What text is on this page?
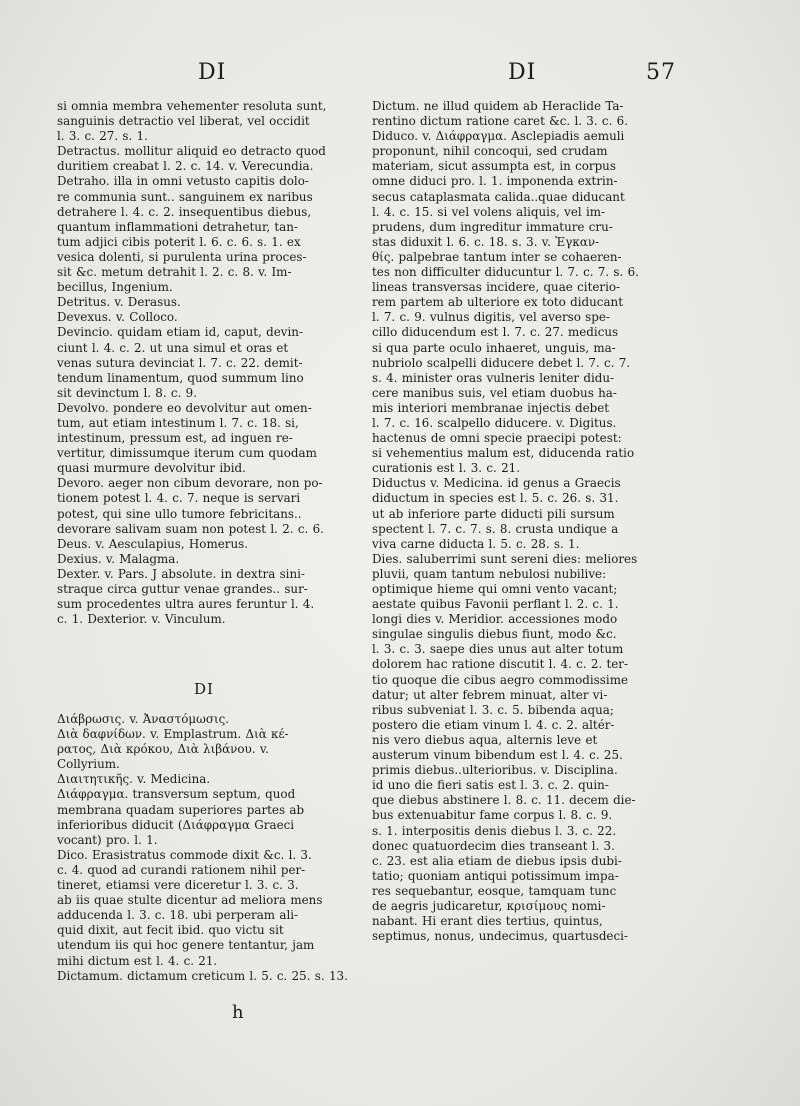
DI	DI	57
si omnia membra vehementer resoluta sunt,
sanguinis detractio vel liberat, vel occidit
l. 3. c. 27. s. 1.
Detractus. mollitur aliquid eo detracto quod
duritiem creabat l. 2. c. 14. v. Verecundia.
Detraho. illa in omni vetusto capitis dolo-
re communia sunt.. sanguinem ex naribus
detrahere l. 4. c. 2. insequentibus diebus,
quantum inflammationi detrahetur, tan-
tum adjici cibis poterit l. 6. c. 6. s. 1. ex
vesica dolenti, si purulenta urina proces-
sit &c. metum detrahit l. 2. c. 8. v. Im-
becillus, Ingenium.
Detritus. v. Derasus.
Devexus. v. Colloco.
Devincio. quidam etiam id, caput, devin-
ciunt l. 4. c. 2. ut una simul et oras et
venas sutura devinciat l. 7. c. 22. demit-
tendum linamentum, quod summum lino
sit devinctum l. 8. c. 9.
Devolvo. pondere eo devolvitur aut omen-
tum, aut etiam intestinum l. 7. c. 18. si,
intestinum, pressum est, ad inguen re-
vertitur, dimissumque iterum cum quodam
quasi murmure devolvitur ibid.
Devoro. aeger non cibum devorare, non po-
tionem potest l. 4. c. 7. neque is servari
potest, qui sine ullo tumore febricitans..
devorare salivam suam non potest l. 2. c. 6.
Deus. v. Aesculapius, Homerus.
Dexius. v. Malagma.
Dexter. v. Pars. J absolute. in dextra sini-
straque circa guttur venae grandes.. sur-
sum procedentes ultra aures feruntur l. 4.
c. 1. Dexterior. v. Vinculum.
DI
Διάβρωσις. v. Ἀναστόμωσις.
Διὰ δαφνίδων. v. Emplastrum. Διὰ κέ-
ρατος, Διὰ κρόκου, Διὰ λιβάνου. v.
Collyrium.
Διαιτητικῆς. v. Medicina.
Διάφραγμα. transversum septum, quod
membrana quadam superiores partes ab
inferioribus diducit (Διάφραγμα Graeci
vocant) pro. l. 1.
Dico. Erasistratus commode dixit &c. l. 3.
c. 4. quod ad curandi rationem nihil per-
tineret, etiamsi vere diceretur l. 3. c. 3.
ab iis quae stulte dicentur ad meliora mens
adducenda l. 3. c. 18. ubi perperam ali-
quid dixit, aut fecit ibid. quo victu sit
utendum iis qui hoc genere tentantur, jam
mihi dictum est l. 4. c. 21.
Dictamum. dictamum creticum l. 5. c. 25. s. 13.
Dictum. ne illud quidem ab Heraclide Ta-
rentino dictum ratione caret &c. l. 3. c. 6.
Diduco. v. Διάφραγμα. Asclepiadis aemuli
proponunt, nihil concoqui, sed crudam
materiam, sicut assumpta est, in corpus
omne diduci pro. l. 1. imponenda extrin-
secus cataplasmata calida..quae diducant
l. 4. c. 15. si vel volens aliquis, vel im-
prudens, dum ingreditur immature cru-
stas diduxit l. 6. c. 18. s. 3. v. Ἐγκαν-
θίς. palpebrae tantum inter se cohaeren-
tes non difficulter diducuntur l. 7. c. 7. s. 6.
lineas transversas incidere, quae citerio-
rem partem ab ulteriore ex toto diducant
l. 7. c. 9. vulnus digitis, vel averso spe-
cillo diducendum est l. 7. c. 27. medicus
si qua parte oculo inhaeret, unguis, ma-
nubriolo scalpelli diducere debet l. 7. c. 7.
s. 4. minister oras vulneris leniter didu-
cere manibus suis, vel etiam duobus ha-
mis interiori membranae injectis debet
l. 7. c. 16. scalpello diducere. v. Digitus.
hactenus de omni specie praecipi potest:
si vehementius malum est, diducenda ratio
curationis est l. 3. c. 21.
Diductus v. Medicina. id genus a Graecis
diductum in species est l. 5. c. 26. s. 31.
ut ab inferiore parte diducti pili sursum
spectent l. 7. c. 7. s. 8. crusta undique a
viva carne diducta l. 5. c. 28. s. 1.
Dies. saluberrimi sunt sereni dies: meliores
pluvii, quam tantum nebulosi nubilive:
optimique hieme qui omni vento vacant;
aestate quibus Favonii perflant l. 2. c. 1.
longi dies v. Meridior. accessiones modo
singulae singulis diebus fiunt, modo &c.
l. 3. c. 3. saepe dies unus aut alter totum
dolorem hac ratione discutit l. 4. c. 2. ter-
tio quoque die cibus aegro commodissime
datur; ut alter febrem minuat, alter vi-
ribus subveniat l. 3. c. 5. bibenda aqua;
postero die etiam vinum l. 4. c. 2. altér-
nis vero diebus aqua, alternis leve et
austerum vinum bibendum est l. 4. c. 25.
primis diebus..ulterioribus. v. Disciplina.
id uno die fieri satis est l. 3. c. 2. quin-
que diebus abstinere l. 8. c. 11. decem die-
bus extenuabitur fame corpus l. 8. c. 9.
s. 1. interpositis denis diebus l. 3. c. 22.
donec quatuordecim dies transeant l. 3.
c. 23. est alia etiam de diebus ipsis dubi-
tatio; quoniam antiqui potissimum impa-
res sequebantur, eosque, tamquam tunc
de aegris judicaretur, κρισίμους nomi-
nabant. Hi erant dies tertius, quintus,
septimus, nonus, undecimus, quartusdeci-
h
